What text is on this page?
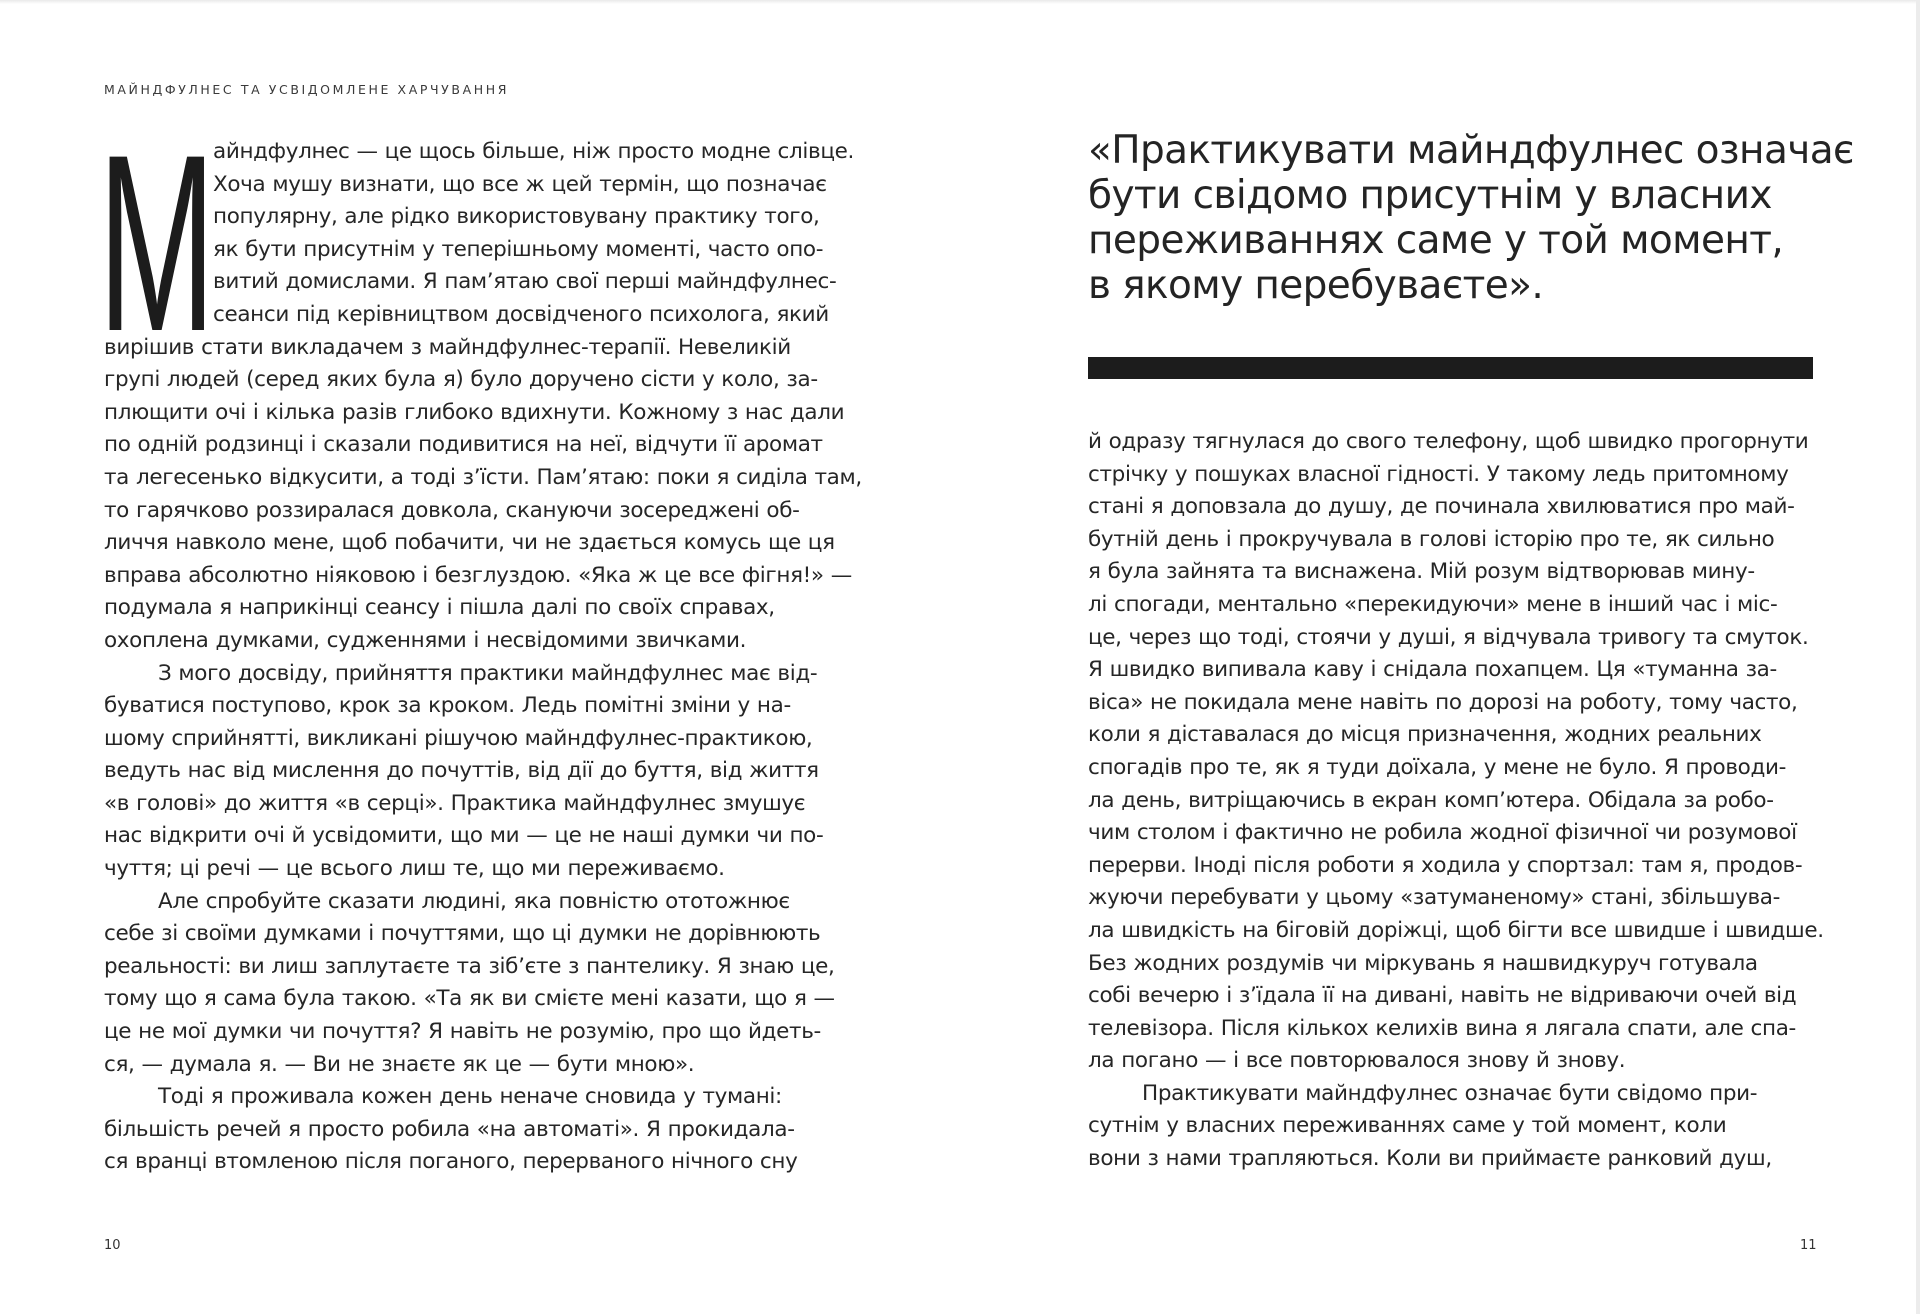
МАЙНДФУЛНЕС ТА УСВІДОМЛЕНЕ ХАРЧУВАННЯ
М
айндфулнес — це щось більше, ніж просто модне слівце.
Хоча мушу визнати, що все ж цей термін, що позначає
популярну, але рідко використовувану практику того,
як бути присутнім у теперішньому моменті, часто опо-
витий домислами. Я пам’ятаю свої перші майндфулнес-
сеанси під керівництвом досвідченого психолога, який
вирішив стати викладачем з майндфулнес-терапії. Невеликій
групі людей (серед яких була я) було доручено сісти у коло, за-
плющити очі і кілька разів глибоко вдихнути. Кожному з нас дали
по одній родзинці і сказали подивитися на неї, відчути її аромат
та легесенько відкусити, а тоді з’їсти. Пам’ятаю: поки я сиділа там,
то гарячково роззиралася довкола, скануючи зосереджені об-
личчя навколо мене, щоб побачити, чи не здається комусь ще ця
вправа абсолютно ніяковою і безглуздою. «Яка ж це все фігня!» —
подумала я наприкінці сеансу і пішла далі по своїх справах,
охоплена думками, судженнями і несвідомими звичками.
З мого досвіду, прийняття практики майндфулнес має від-
буватися поступово, крок за кроком. Ледь помітні зміни у на-
шому сприйнятті, викликані рішучою майндфулнес-практикою,
ведуть нас від мислення до почуттів, від дії до буття, від життя
«в голові» до життя «в серці». Практика майндфулнес змушує
нас відкрити очі й усвідомити, що ми — це не наші думки чи по-
чуття; ці речі — це всього лиш те, що ми переживаємо.
Але спробуйте сказати людині, яка повністю ототожнює
себе зі своїми думками і почуттями, що ці думки не дорівнюють
реальності: ви лиш заплутаєте та зіб’єте з пантелику. Я знаю це,
тому що я сама була такою. «Та як ви смієте мені казати, що я —
це не мої думки чи почуття? Я навіть не розумію, про що йдеть-
ся, — думала я. — Ви не знаєте як це — бути мною».
Тоді я проживала кожен день неначе сновида у тумані:
більшість речей я просто робила «на автоматі». Я прокидала-
ся вранці втомленою після поганого, перерваного нічного сну
10
«Практикувати майндфулнес означає
бути свідомо присутнім у власних
переживаннях саме у той момент,
в якому перебуваєте».
й одразу тягнулася до свого телефону, щоб швидко прогорнути
стрічку у пошуках власної гідності. У такому ледь притомному
стані я доповзала до душу, де починала хвилюватися про май-
бутній день і прокручувала в голові історію про те, як сильно
я була зайнята та виснажена. Мій розум відтворював мину-
лі спогади, ментально «перекидуючи» мене в інший час і міс-
це, через що тоді, стоячи у душі, я відчувала тривогу та смуток.
Я швидко випивала каву і снідала похапцем. Ця «туманна за-
віса» не покидала мене навіть по дорозі на роботу, тому часто,
коли я діставалася до місця призначення, жодних реальних
спогадів про те, як я туди доїхала, у мене не було. Я проводи-
ла день, витріщаючись в екран комп’ютера. Обідала за робо-
чим столом і фактично не робила жодної фізичної чи розумової
перерви. Іноді після роботи я ходила у спортзал: там я, продов-
жуючи перебувати у цьому «затуманеному» стані, збільшува-
ла швидкість на біговій доріжці, щоб бігти все швидше і швидше.
Без жодних роздумів чи міркувань я нашвидкуруч готувала
собі вечерю і з’їдала її на дивані, навіть не відриваючи очей від
телевізора. Після кількох келихів вина я лягала спати, але спа-
ла погано — і все повторювалося знову й знову.
Практикувати майндфулнес означає бути свідомо при-
сутнім у власних переживаннях саме у той момент, коли
вони з нами трапляються. Коли ви приймаєте ранковий душ,
11
